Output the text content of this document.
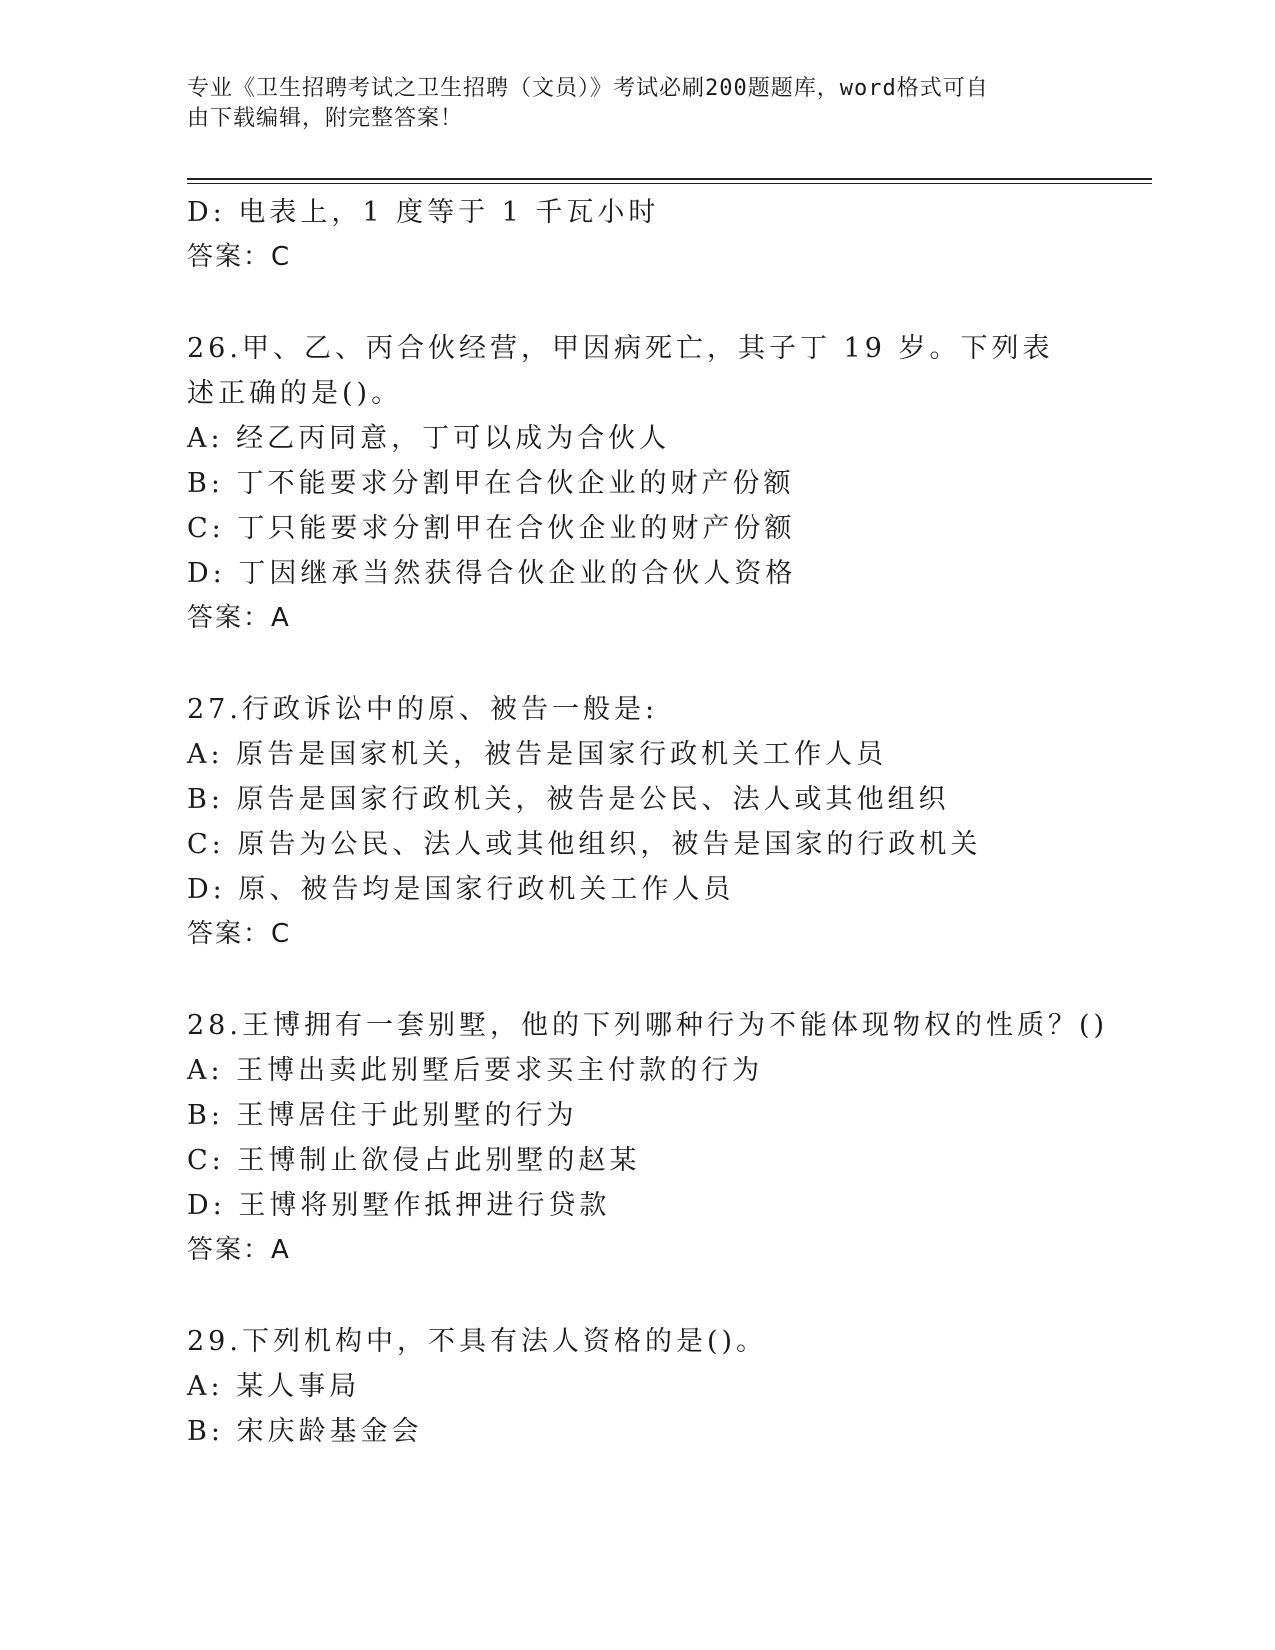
专业《卫生招聘考试之卫生招聘（文员）》考试必刷200题题库，word格式可自
由下载编辑，附完整答案！
D: 电表上，1 度等于 1 千瓦小时
答案：C
26.甲、乙、丙合伙经营，甲因病死亡，其子丁 19 岁。下列表述正确的是()。
A: 经乙丙同意，丁可以成为合伙人
B: 丁不能要求分割甲在合伙企业的财产份额
C: 丁只能要求分割甲在合伙企业的财产份额
D: 丁因继承当然获得合伙企业的合伙人资格
答案：A
27.行政诉讼中的原、被告一般是:
A: 原告是国家机关，被告是国家行政机关工作人员
B: 原告是国家行政机关，被告是公民、法人或其他组织
C: 原告为公民、法人或其他组织，被告是国家的行政机关
D: 原、被告均是国家行政机关工作人员
答案：C
28.王博拥有一套别墅，他的下列哪种行为不能体现物权的性质？()
A: 王博出卖此别墅后要求买主付款的行为
B: 王博居住于此别墅的行为
C: 王博制止欲侵占此别墅的赵某
D: 王博将别墅作抵押进行贷款
答案：A
29.下列机构中，不具有法人资格的是()。
A: 某人事局
B: 宋庆龄基金会
